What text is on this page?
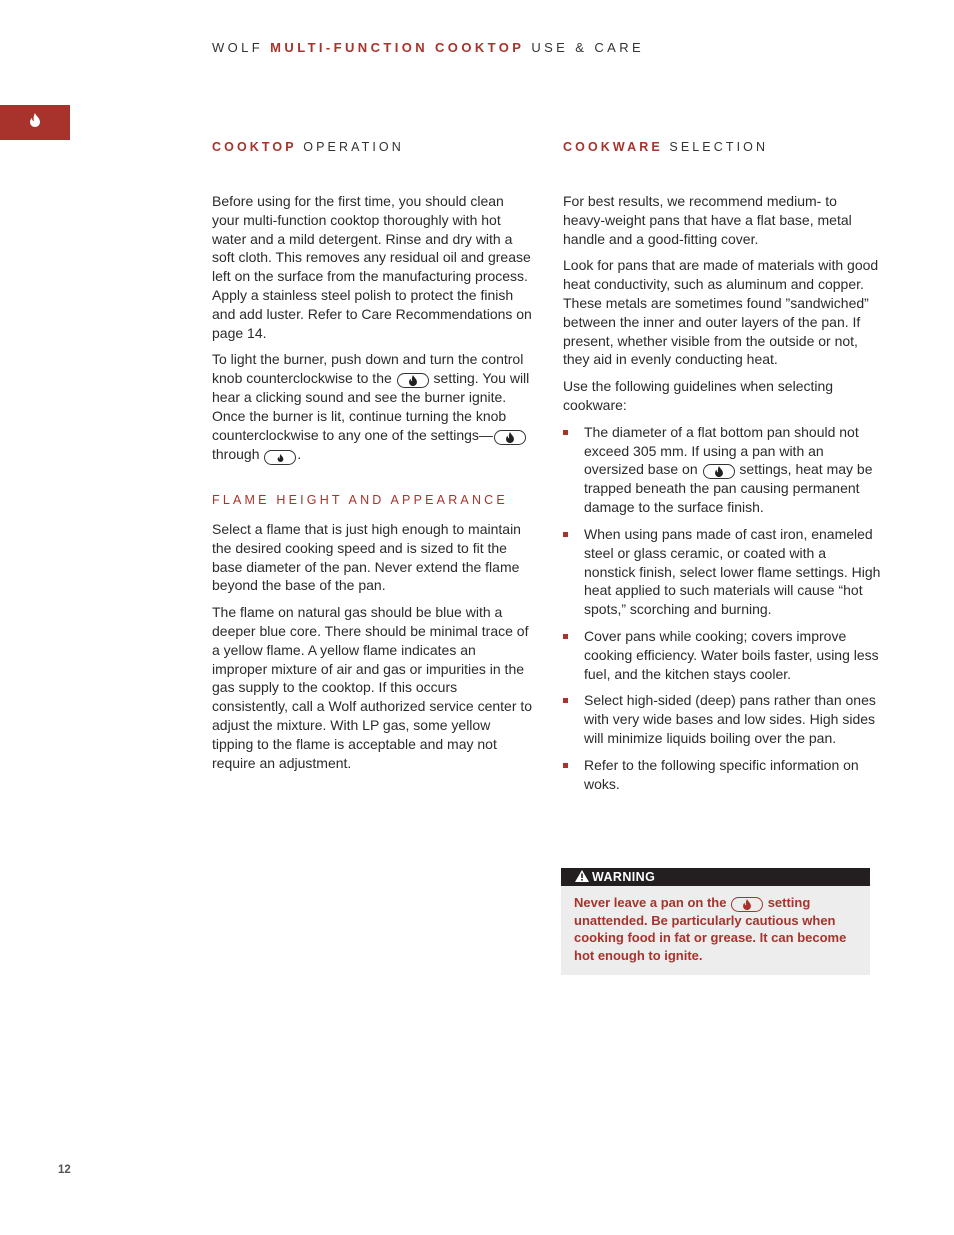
WOLF MULTI-FUNCTION COOKTOP USE & CARE
COOKTOP OPERATION

Before using for the first time, you should clean your multi-function cooktop thoroughly with hot water and a mild detergent. Rinse and dry with a soft cloth. This removes any residual oil and grease left on the surface from the manufacturing process. Apply a stainless steel polish to protect the finish and add luster. Refer to Care Recommendations on page 14.

To light the burner, push down and turn the control knob counterclockwise to the
setting. You will hear a clicking sound and see the burner ignite. Once the burner is lit, continue turning the knob counterclockwise to any one of the settings—
through
.

FLAME HEIGHT AND APPEARANCE

Select a flame that is just high enough to maintain the desired cooking speed and is sized to fit the base diameter of the pan. Never extend the flame beyond the base of the pan.

The flame on natural gas should be blue with a deeper blue core. There should be minimal trace of a yellow flame. A yellow flame indicates an improper mixture of air and gas or impurities in the gas supply to the cooktop. If this occurs consistently, call a Wolf authorized service center to adjust the mixture. With LP gas, some yellow tipping to the flame is acceptable and may not require an adjustment.

COOKWARE SELECTION

For best results, we recommend medium- to heavy-weight pans that have a flat base, metal handle and a good-fitting cover.

Look for pans that are made of materials with good heat conductivity, such as aluminum and copper. These metals are sometimes found ”sandwiched” between the inner and outer layers of the pan. If present, whether visible from the outside or not, they aid in evenly conducting heat.

Use the following guidelines when selecting cookware:

The diameter of a flat bottom pan should not exceed 305 mm. If using a pan with an oversized base on
settings, heat may be trapped beneath the pan causing permanent damage to the surface finish.
When using pans made of cast iron, enameled steel or glass ceramic, or coated with a nonstick finish, select lower flame settings. High heat applied to such materials will cause “hot spots,” scorching and burning.
Cover pans while cooking; covers improve cooking efficiency. Water boils faster, using less fuel, and the kitchen stays cooler.
Select high-sided (deep) pans rather than ones with very wide bases and low sides. High sides will minimize liquids boiling over the pan.
Refer to the following specific information on woks.
WARNING
Never leave a pan on the	setting unattended. Be particularly cautious when cooking food in fat or grease. It can become hot enough to ignite.
12
